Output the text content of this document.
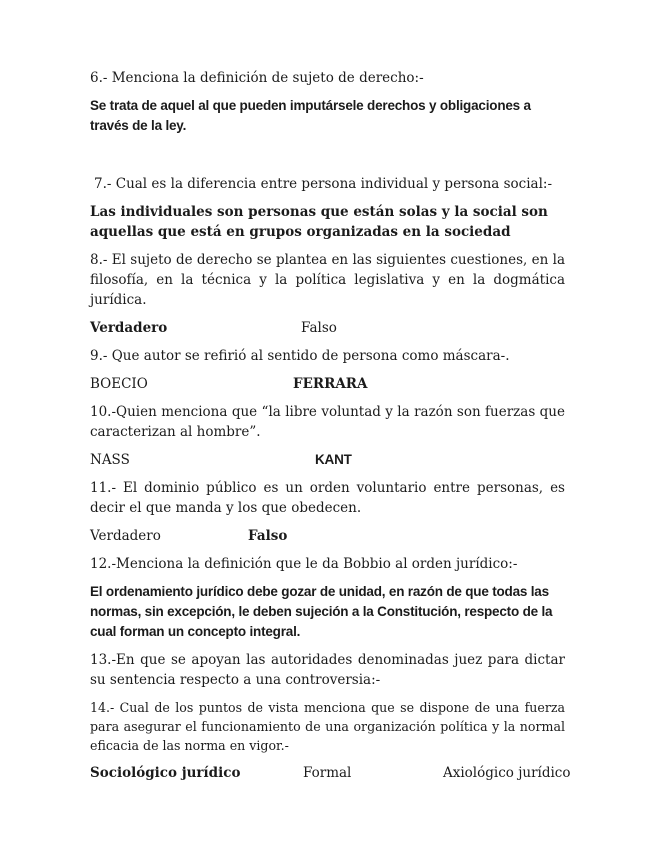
6.- Menciona la definición de sujeto de derecho:-

Se trata de aquel al que pueden imputársele derechos y obligaciones a través de la ley.

7.- Cual es la diferencia entre persona individual y persona social:-

Las individuales son personas que están solas y la social son aquellas que está en grupos organizadas en la sociedad

8.- El sujeto de derecho se plantea en las siguientes cuestiones, en la filosofía, en la técnica y la política legislativa y en la dogmática jurídica.

Verdadero	Falso

9.- Que autor se refirió al sentido de persona como máscara-.

BOECIO	FERRARA

10.-Quien menciona que “la libre voluntad y la razón son fuerzas que caracterizan al hombre”.

NASS	KANT

11.- El dominio público es un orden voluntario entre personas, es decir el que manda y los que obedecen.

Verdadero	Falso

12.-Menciona la definición que le da Bobbio al orden jurídico:-

El ordenamiento jurídico debe gozar de unidad, en razón de que todas las normas, sin excepción, le deben sujeción a la Constitución, respecto de la cual forman un concepto integral.

13.-En que se apoyan las autoridades denominadas juez para dictar su sentencia respecto a una controversia:-

14.- Cual de los puntos de vista menciona que se dispone de una fuerza para asegurar el funcionamiento de una organización política y la normal eficacia de las norma en vigor.-

Sociológico jurídico	Formal	Axiológico jurídico
